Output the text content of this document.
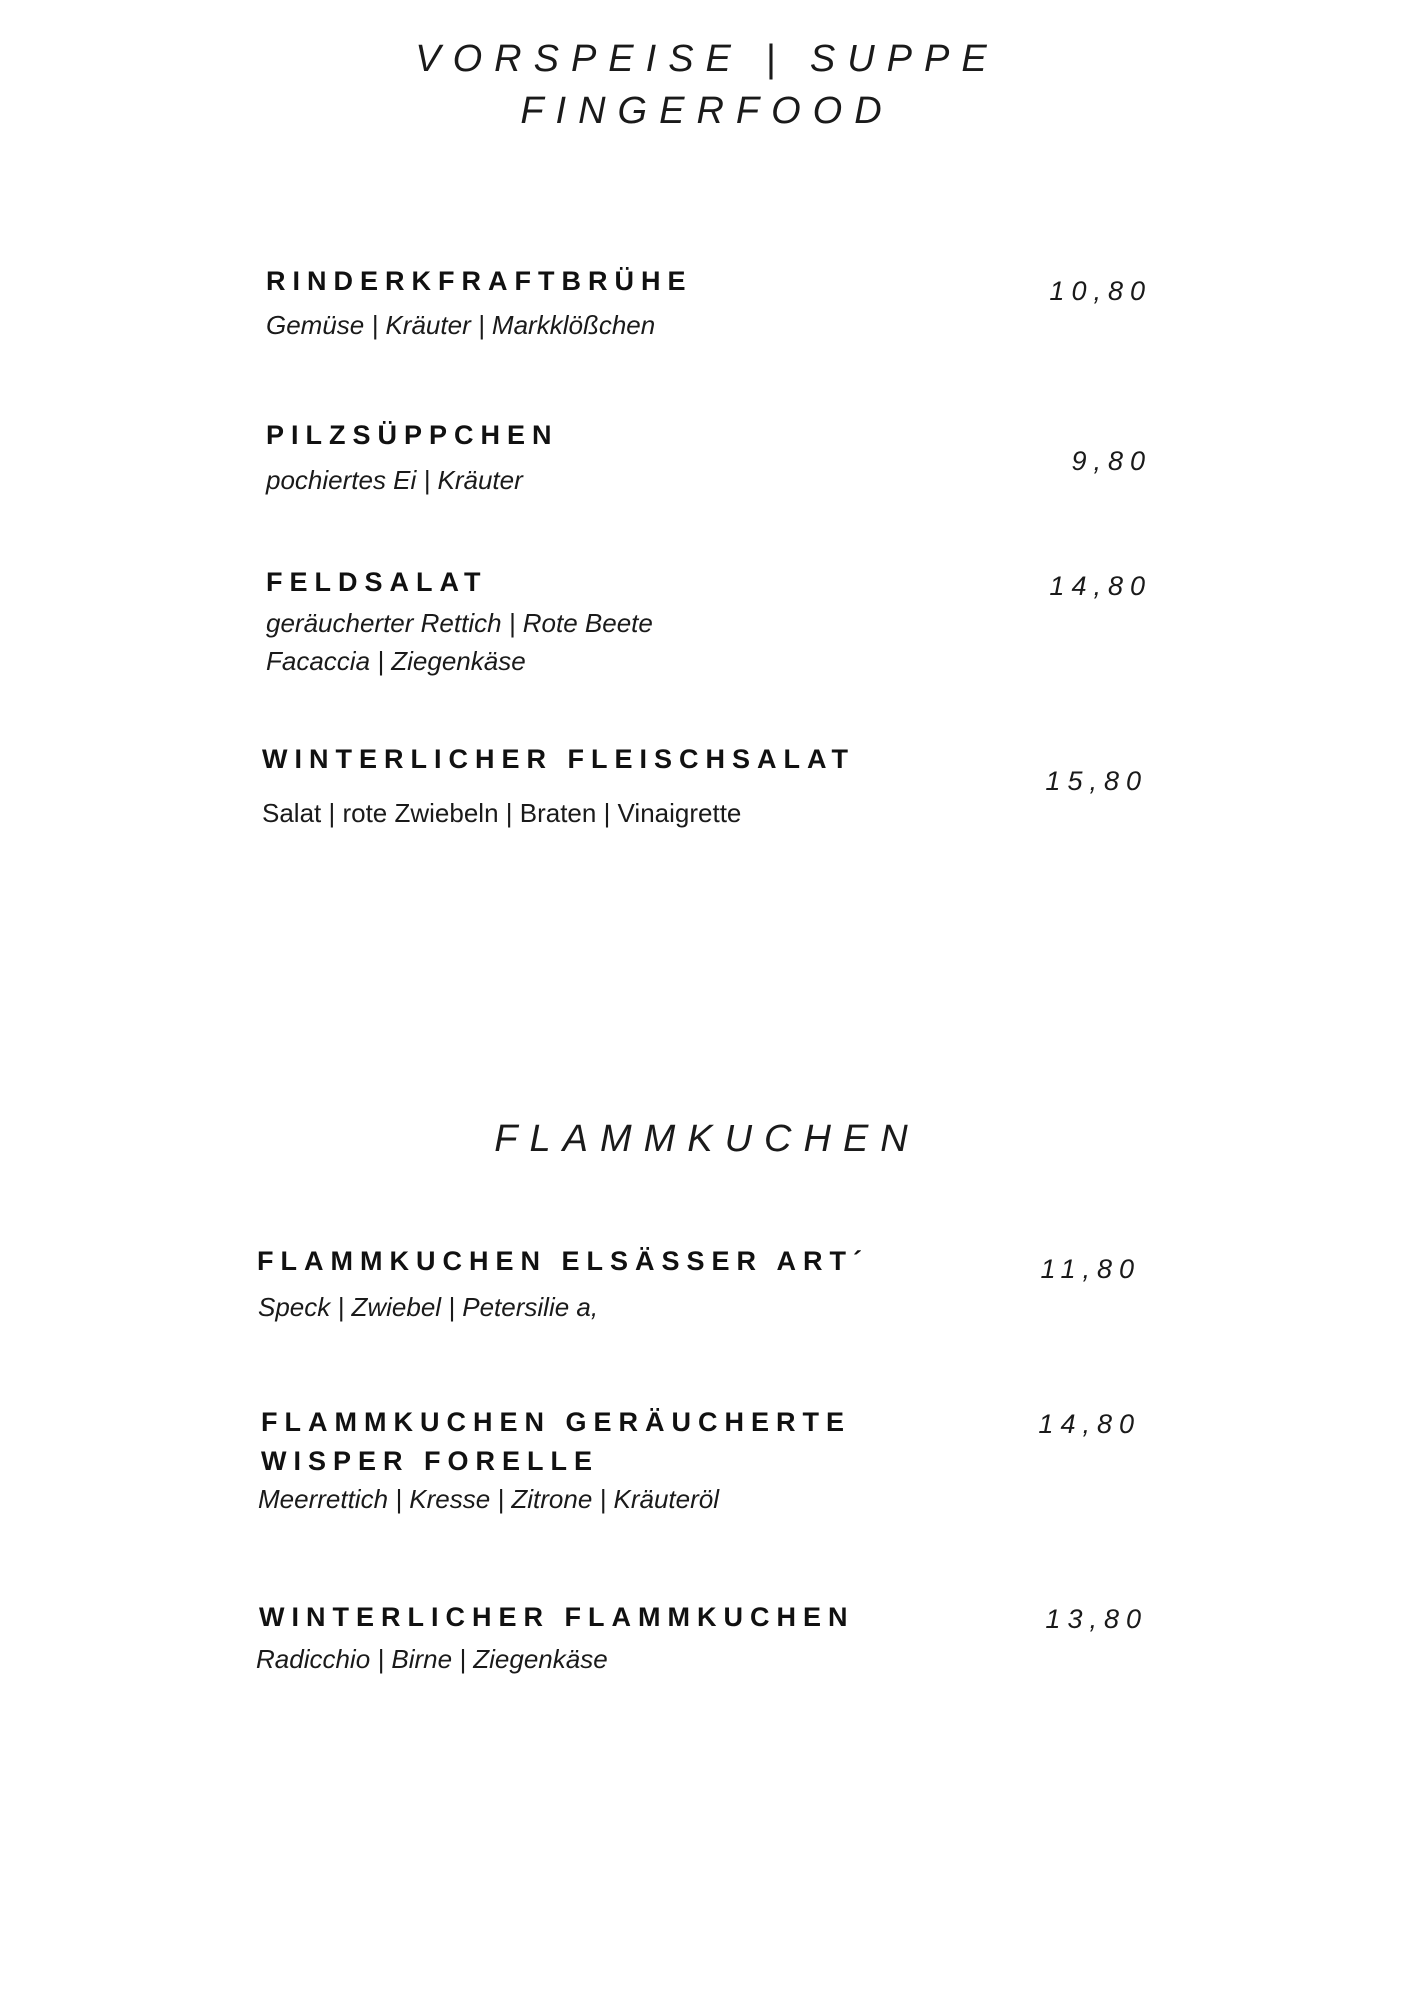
VORSPEISE | SUPPE
FINGERFOOD
RINDERKFRAFTBRÜHE
Gemüse | Kräuter | Markklößchen
10,80
PILZSÜPPCHEN
pochiertes Ei | Kräuter
9,80
FELDSALAT
geräucherter Rettich | Rote Beete
Facaccia | Ziegenkäse
14,80
WINTERLICHER FLEISCHSALAT
Salat | rote Zwiebeln | Braten | Vinaigrette
15,80
FLAMMKUCHEN
FLAMMKUCHEN ELSÄSSER ART´
Speck | Zwiebel | Petersilie a,
11,80
FLAMMKUCHEN GERÄUCHERTE
WISPER FORELLE
Meerrettich | Kresse | Zitrone | Kräuteröl
14,80
WINTERLICHER FLAMMKUCHEN
Radicchio | Birne | Ziegenkäse
13,80
